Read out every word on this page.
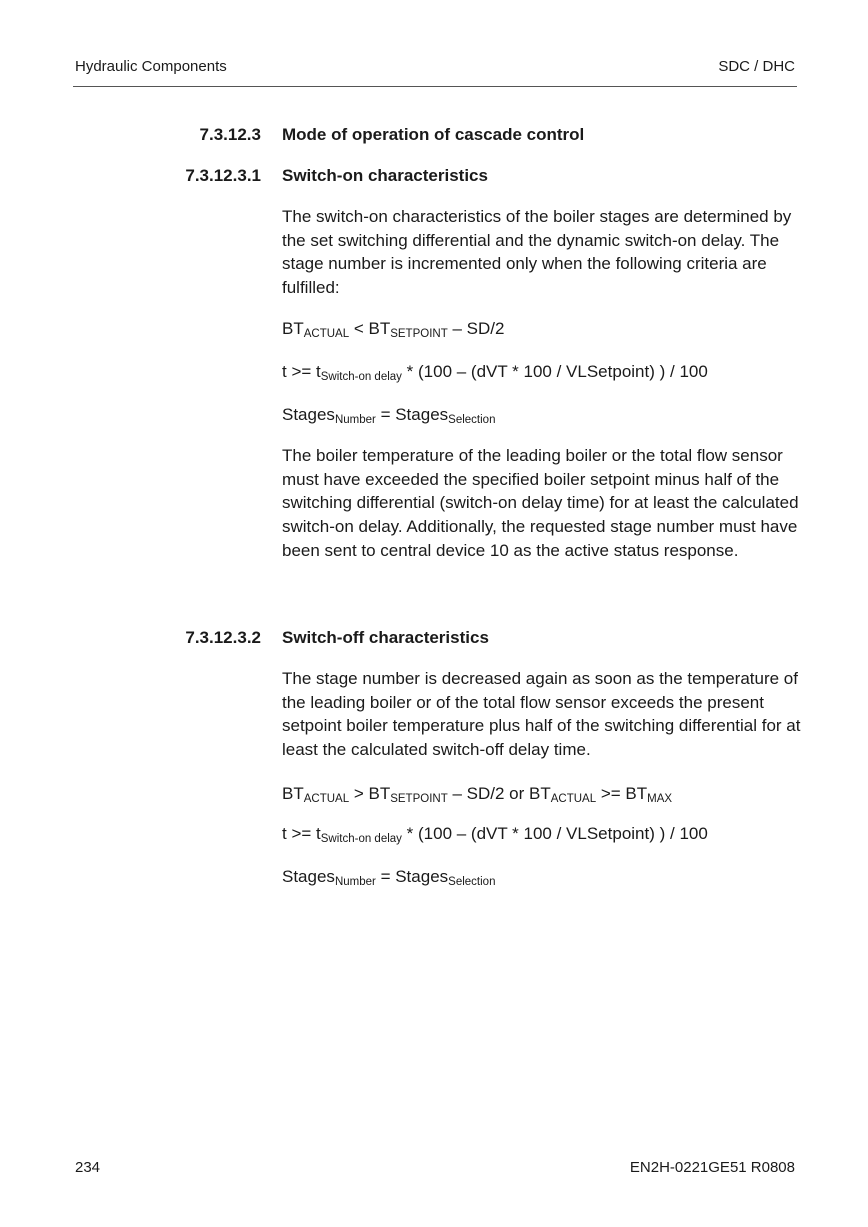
Hydraulic Components	SDC / DHC
7.3.12.3 Mode of operation of cascade control
7.3.12.3.1 Switch-on characteristics

The switch-on characteristics of the boiler stages are determined by the set switching differential and the dynamic switch-on delay. The stage number is incremented only when the following criteria are fulfilled:

$BT_{ACTUAL} < BT_{SETPOINT} - SD/2$
$t >= t_{Switch-on delay} * (100 - (dVT * 100$ / VLSetpoint) ) / 100
Stages$_{Number}$ = Stages$_{Selection}$

The boiler temperature of the leading boiler or the total flow sensor must have exceeded the specified boiler setpoint minus half of the switching differential (switch-on delay time) for at least the calculated switch-on delay. Additionally, the requested stage number must have been sent to central device 10 as the active status response.

7.3.12.3.2 Switch-off characteristics

The stage number is decreased again as soon as the temperature of the leading boiler or of the total flow sensor exceeds the present setpoint boiler temperature plus half of the switching differential for at least the calculated switch-off delay time.

$BT_{ACTUAL} > BT_{SETPOINT} - SD/2$ or $BT_{ACTUAL} >= BT_{MAX}$
$t >= t_{Switch-on delay} * (100 - (dVT * 100$ / VLSetpoint) ) / 100
Stages$_{Number}$ = Stages$_{Selection}$
234	EN2H-0221GE51 R0808
